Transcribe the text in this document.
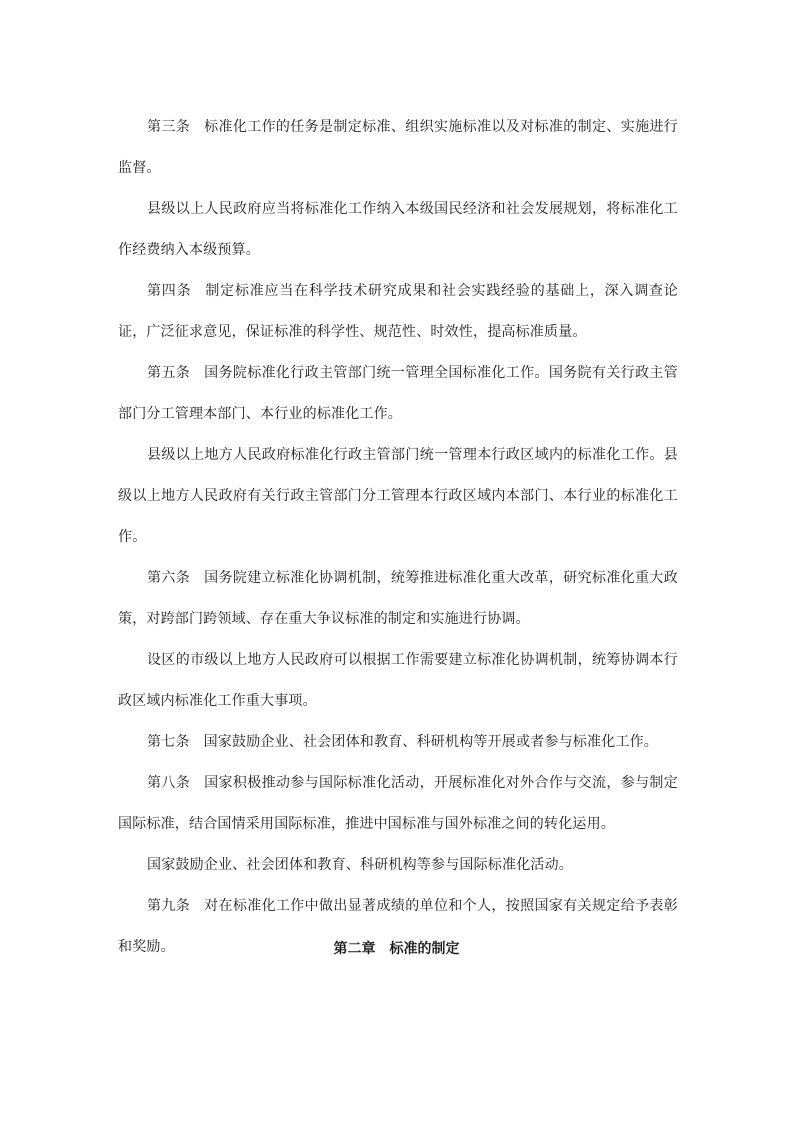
第三条 标准化工作的任务是制定标准、组织实施标准以及对标准的制定、实施进行监督。

县级以上人民政府应当将标准化工作纳入本级国民经济和社会发展规划，将标准化工作经费纳入本级预算。

第四条 制定标准应当在科学技术研究成果和社会实践经验的基础上，深入调查论证，广泛征求意见，保证标准的科学性、规范性、时效性，提高标准质量。

第五条 国务院标准化行政主管部门统一管理全国标准化工作。国务院有关行政主管部门分工管理本部门、本行业的标准化工作。

县级以上地方人民政府标准化行政主管部门统一管理本行政区域内的标准化工作。县级以上地方人民政府有关行政主管部门分工管理本行政区域内本部门、本行业的标准化工作。

第六条 国务院建立标准化协调机制，统筹推进标准化重大改革，研究标准化重大政策，对跨部门跨领域、存在重大争议标准的制定和实施进行协调。

设区的市级以上地方人民政府可以根据工作需要建立标准化协调机制，统筹协调本行政区域内标准化工作重大事项。

第七条 国家鼓励企业、社会团体和教育、科研机构等开展或者参与标准化工作。

第八条 国家积极推动参与国际标准化活动，开展标准化对外合作与交流，参与制定国际标准，结合国情采用国际标准，推进中国标准与国外标准之间的转化运用。

国家鼓励企业、社会团体和教育、科研机构等参与国际标准化活动。

第九条 对在标准化工作中做出显著成绩的单位和个人，按照国家有关规定给予表彰和奖励。	第二章 标准的制定
